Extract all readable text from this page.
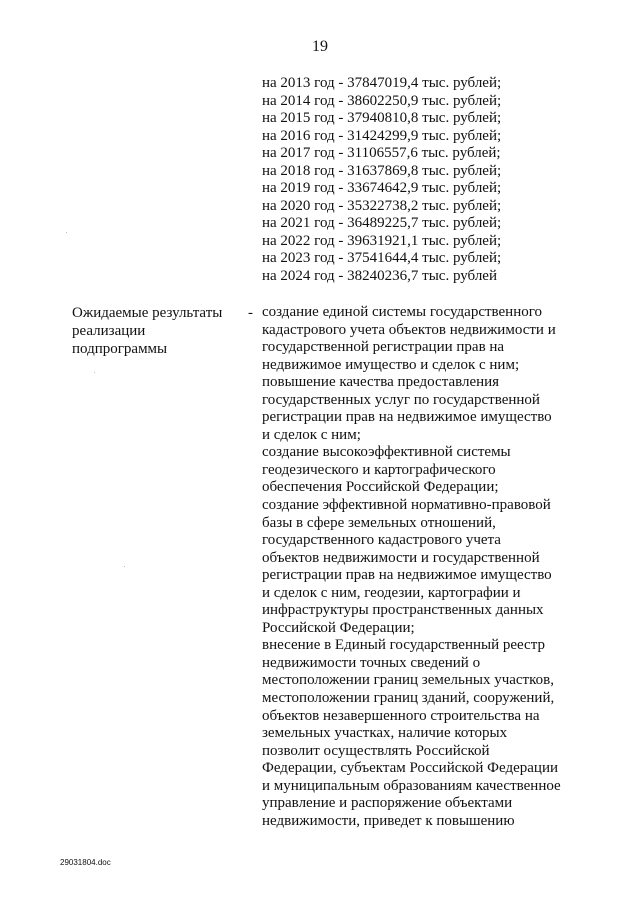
19
на 2013 год - 37847019,4 тыс. рублей;
на 2014 год - 38602250,9 тыс. рублей;
на 2015 год - 37940810,8 тыс. рублей;
на 2016 год - 31424299,9 тыс. рублей;
на 2017 год - 31106557,6 тыс. рублей;
на 2018 год - 31637869,8 тыс. рублей;
на 2019 год - 33674642,9 тыс. рублей;
на 2020 год - 35322738,2 тыс. рублей;
на 2021 год - 36489225,7 тыс. рублей;
на 2022 год - 39631921,1 тыс. рублей;
на 2023 год - 37541644,4 тыс. рублей;
на 2024 год - 38240236,7 тыс. рублей
Ожидаемые результаты
реализации
подпрограммы
- создание единой системы государственного
кадастрового учета объектов недвижимости и
государственной регистрации прав на
недвижимое имущество и сделок с ним;
повышение качества предоставления
государственных услуг по государственной
регистрации прав на недвижимое имущество
и сделок с ним;
создание высокоэффективной системы
геодезического и картографического
обеспечения Российской Федерации;
создание эффективной нормативно-правовой
базы в сфере земельных отношений,
государственного кадастрового учета
объектов недвижимости и государственной
регистрации прав на недвижимое имущество
и сделок с ним, геодезии, картографии и
инфраструктуры пространственных данных
Российской Федерации;
внесение в Единый государственный реестр
недвижимости точных сведений о
местоположении границ земельных участков,
местоположении границ зданий, сооружений,
объектов незавершенного строительства на
земельных участках, наличие которых
позволит осуществлять Российской
Федерации, субъектам Российской Федерации
и муниципальным образованиям качественное
управление и распоряжение объектами
недвижимости, приведет к повышению
29031804.doc
